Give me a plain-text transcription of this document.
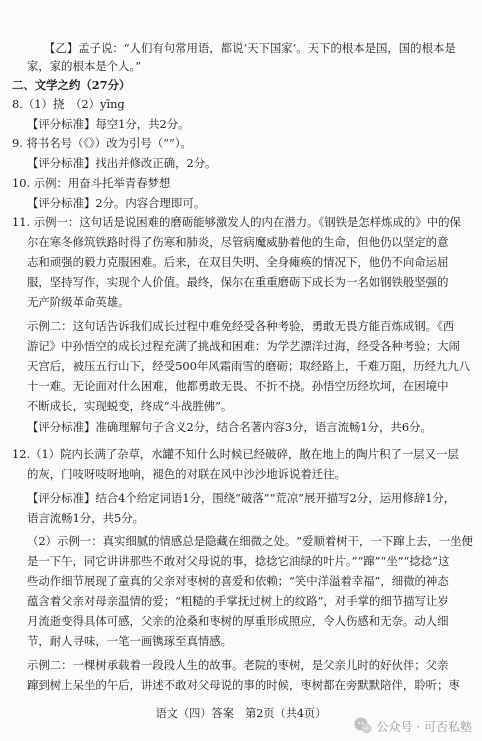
【乙】孟子说：“人们有句常用语，都说‘天下国家’。天下的根本是国，国的根本是
家，家的根本是个人。”
二、文学之约（27分）
8.（1）挠　（2）yīng
【评分标准】每空1分，共2分。
9. 将书名号（《》）改为引号（“”）。
【评分标准】找出并修改正确，2分。
10. 示例：用奋斗托举青春梦想
【评分标准】2分。内容合理即可。
11. 示例一：这句话是说困难的磨砺能够激发人的内在潜力。《钢铁是怎样炼成的》中的保
尔在寒冬修筑铁路时得了伤寒和肺炎，尽管病魔威胁着他的生命，但他仍以坚定的意
志和顽强的毅力克服困难。后来，在双目失明、全身瘫痪的情况下，他仍不向命运屈
服，坚持写作，实现个人价值。最终，保尔在重重磨砺下成长为一名如钢铁般坚强的
无产阶级革命英雄。
示例二：这句话告诉我们成长过程中难免经受各种考验，勇敢无畏方能百炼成钢。《西
游记》中孙悟空的成长过程充满了挑战和困难：为学艺漂洋过海，经受各种考验；大闹
天宫后，被压五行山下，经受500年风霜雨雪的磨砺；取经路上，千难万阻，历经九九八
十一难。无论面对什么困难，他都勇敢无畏、不折不挠。孙悟空历经坎坷，在困境中
不断成长，实现蜕变，终成“斗战胜佛”。
【评分标准】准确理解句子含义2分，结合名著内容3分，语言流畅1分，共6分。
12.（1）院内长满了杂草，水罐不知什么时候已经破碎，散在地上的陶片积了一层又一层
的灰，门吱呀吱呀地响，褪色的对联在风中沙沙地诉说着迁往。
【评分标准】结合4个给定词语1分，围绕“破落”“荒凉”展开描写2分，运用修辞1分，
语言流畅1分，共5分。
（2）示例一：真实细腻的情感总是隐藏在细微之处。“爱顺着树干，一下蹿上去，一坐便
是一下午，同它讲讲那些不敢对父母说的事，捻捻它油绿的叶片。”“蹿”“坐”“捻捻”这
些动作细节展现了童真的父亲对枣树的喜爱和依赖；“笑中洋溢着幸福”，细微的神态
蕴含着父亲对母亲温情的爱；“粗糙的手掌抚过树上的纹路”，对手掌的细节描写让岁
月流逝变得具体可感，父亲的沧桑和枣树的厚重形成照应，令人伤感和无奈。动人细
节，耐人寻味，一笔一画镌琢至真情感。
示例二：一棵树承载着一段段人生的故事。老院的枣树，是父亲儿时的好伙伴；父亲
蹿到树上呆坐的午后，讲述不敢对父母说的事的时候，枣树都在旁默默陪伴，聆听；枣
语文（四）答案　第2页（共4页）
公众号 · 可否私塾
